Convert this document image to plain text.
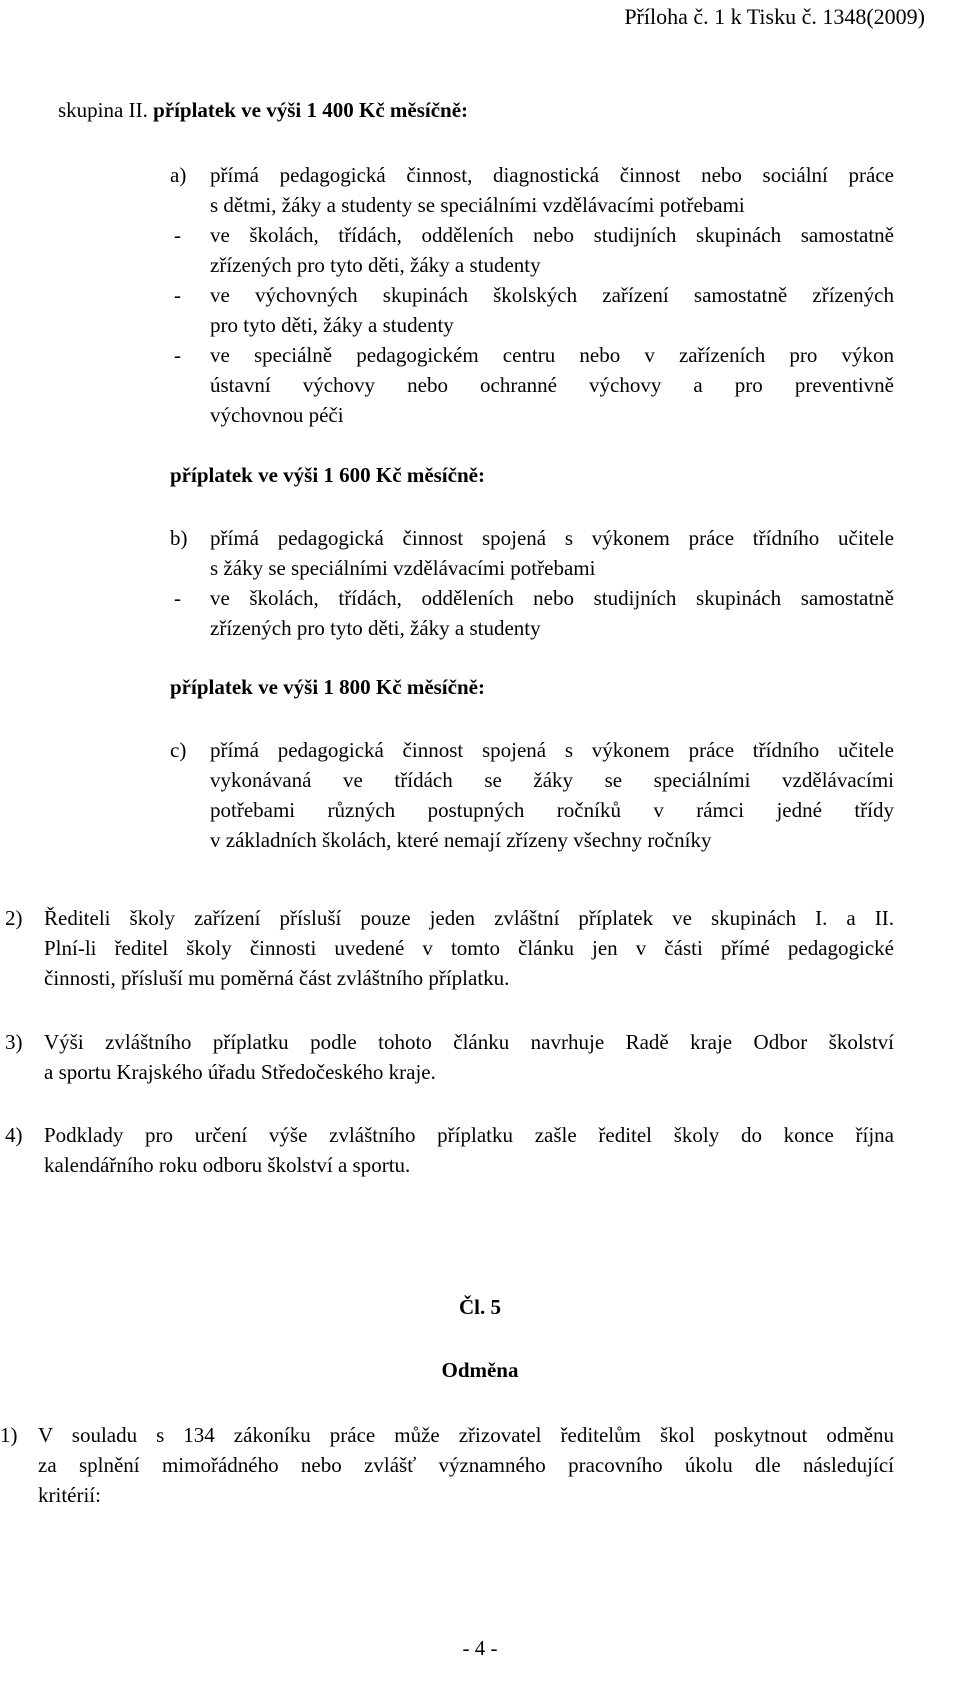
Příloha č. 1 k Tisku č. 1348(2009)
skupina II. příplatek ve výši 1 400 Kč měsíčně:
a) přímá pedagogická činnost, diagnostická činnost nebo sociální práce
s dětmi, žáky a studenty se speciálními vzdělávacími potřebami
- ve školách, třídách, odděleních nebo studijních skupinách samostatně
zřízených pro tyto děti, žáky a studenty
- ve výchovných skupinách školských zařízení samostatně zřízených
pro tyto děti, žáky a studenty
- ve speciálně pedagogickém centru nebo v zařízeních pro výkon
ústavní výchovy nebo ochranné výchovy a pro preventivně
výchovnou péči
příplatek ve výši 1 600 Kč měsíčně:
b) přímá pedagogická činnost spojená s výkonem práce třídního učitele
s žáky se speciálními vzdělávacími potřebami
- ve školách, třídách, odděleních nebo studijních skupinách samostatně
zřízených pro tyto děti, žáky a studenty
příplatek ve výši 1 800 Kč měsíčně:
c) přímá pedagogická činnost spojená s výkonem práce třídního učitele
vykonávaná ve třídách se žáky se speciálními vzdělávacími
potřebami různých postupných ročníků v rámci jedné třídy
v základních školách, které nemají zřízeny všechny ročníky
2) Řediteli školy zařízení přísluší pouze jeden zvláštní příplatek ve skupinách I. a II.
Plní-li ředitel školy činnosti uvedené v tomto článku jen v části přímé pedagogické
činnosti, přísluší mu poměrná část zvláštního příplatku.
3) Výši zvláštního příplatku podle tohoto článku navrhuje Radě kraje Odbor školství
a sportu Krajského úřadu Středočeského kraje.
4) Podklady pro určení výše zvláštního příplatku zašle ředitel školy do konce října
kalendářního roku odboru školství a sportu.
Čl. 5
Odměna
1) V souladu s 134 zákoníku práce může zřizovatel ředitelům škol poskytnout odměnu
za splnění mimořádného nebo zvlášť významného pracovního úkolu dle následující
kritérií:
- 4 -
